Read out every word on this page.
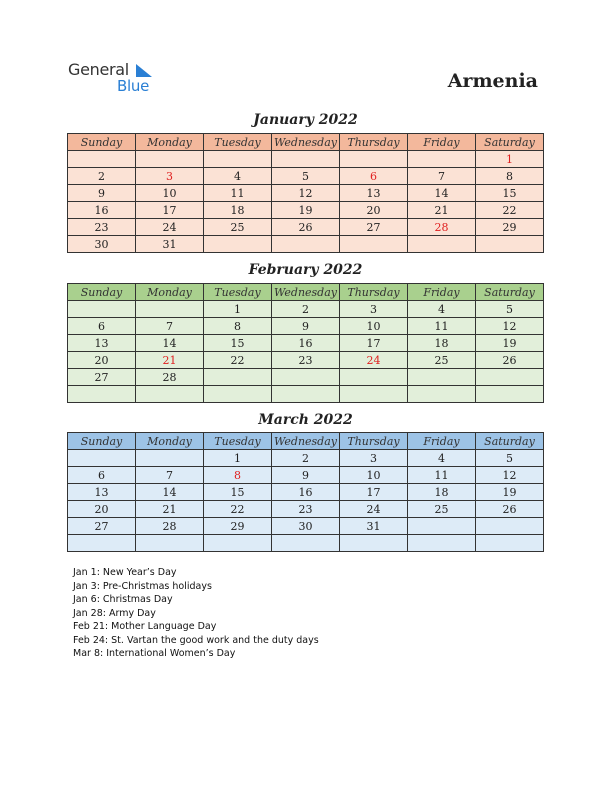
General
Blue	Armenia
January 2022
Sunday	Monday	Tuesday	Wednesday	Thursday	Friday	Saturday
						1
2	3	4	5	6	7	8
9	10	11	12	13	14	15
16	17	18	19	20	21	22
23	24	25	26	27	28	29
30	31					
February 2022
Sunday	Monday	Tuesday	Wednesday	Thursday	Friday	Saturday
		1	2	3	4	5
6	7	8	9	10	11	12
13	14	15	16	17	18	19
20	21	22	23	24	25	26
27	28					

March 2022
Sunday	Monday	Tuesday	Wednesday	Thursday	Friday	Saturday
		1	2	3	4	5
6	7	8	9	10	11	12
13	14	15	16	17	18	19
20	21	22	23	24	25	26
27	28	29	30	31		

Jan 1: New Year’s Day
Jan 3: Pre-Christmas holidays
Jan 6: Christmas Day
Jan 28: Army Day
Feb 21: Mother Language Day
Feb 24: St. Vartan the good work and the duty days
Mar 8: International Women’s Day
